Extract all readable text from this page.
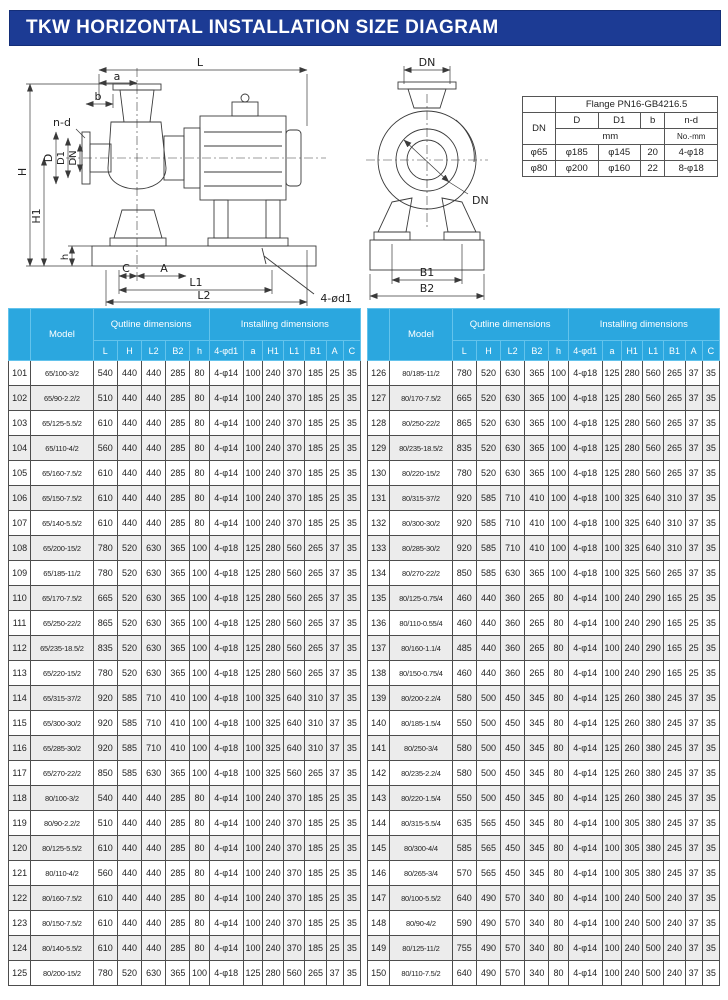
TKW HORIZONTAL INSTALLATION SIZE DIAGRAM
L
a
b
n-d
H
D D1 DN
H1
h
C	A
L1
L2	4-ød1
DN
DN
B1
B2
	Flange PN16-GB4216.5			
DN	D	D1	b	n-d
	mm			No.-mm
φ65	φ185	φ145	20	4-φ18
φ80	φ200	φ160	22	8-φ18
	Model	Qutline dimensions					Installing dimensions						
		L	H	L2	B2	h	4-φd1	a	H1	L1	B1	A	C
101	65/100-3/2	540	440	440	285	80	4-φ14	100	240	370	185	25	35
102	65/90-2.2/2	510	440	440	285	80	4-φ14	100	240	370	185	25	35
103	65/125-5.5/2	610	440	440	285	80	4-φ14	100	240	370	185	25	35
104	65/110-4/2	560	440	440	285	80	4-φ14	100	240	370	185	25	35
105	65/160-7.5/2	610	440	440	285	80	4-φ14	100	240	370	185	25	35
106	65/150-7.5/2	610	440	440	285	80	4-φ14	100	240	370	185	25	35
107	65/140-5.5/2	610	440	440	285	80	4-φ14	100	240	370	185	25	35
108	65/200-15/2	780	520	630	365	100	4-φ18	125	280	560	265	37	35
109	65/185-11/2	780	520	630	365	100	4-φ18	125	280	560	265	37	35
110	65/170-7.5/2	665	520	630	365	100	4-φ18	125	280	560	265	37	35
111	65/250-22/2	865	520	630	365	100	4-φ18	125	280	560	265	37	35
112	65/235-18.5/2	835	520	630	365	100	4-φ18	125	280	560	265	37	35
113	65/220-15/2	780	520	630	365	100	4-φ18	125	280	560	265	37	35
114	65/315-37/2	920	585	710	410	100	4-φ18	100	325	640	310	37	35
115	65/300-30/2	920	585	710	410	100	4-φ18	100	325	640	310	37	35
116	65/285-30/2	920	585	710	410	100	4-φ18	100	325	640	310	37	35
117	65/270-22/2	850	585	630	365	100	4-φ18	100	325	560	265	37	35
118	80/100-3/2	540	440	440	285	80	4-φ14	100	240	370	185	25	35
119	80/90-2.2/2	510	440	440	285	80	4-φ14	100	240	370	185	25	35
120	80/125-5.5/2	610	440	440	285	80	4-φ14	100	240	370	185	25	35
121	80/110-4/2	560	440	440	285	80	4-φ14	100	240	370	185	25	35
122	80/160-7.5/2	610	440	440	285	80	4-φ14	100	240	370	185	25	35
123	80/150-7.5/2	610	440	440	285	80	4-φ14	100	240	370	185	25	35
124	80/140-5.5/2	610	440	440	285	80	4-φ14	100	240	370	185	25	35
125	80/200-15/2	780	520	630	365	100	4-φ18	125	280	560	265	37	35
	Model	Qutline dimensions					Installing dimensions						
		L	H	L2	B2	h	4-φd1	a	H1	L1	B1	A	C
126	80/185-11/2	780	520	630	365	100	4-φ18	125	280	560	265	37	35
127	80/170-7.5/2	665	520	630	365	100	4-φ18	125	280	560	265	37	35
128	80/250-22/2	865	520	630	365	100	4-φ18	125	280	560	265	37	35
129	80/235-18.5/2	835	520	630	365	100	4-φ18	125	280	560	265	37	35
130	80/220-15/2	780	520	630	365	100	4-φ18	125	280	560	265	37	35
131	80/315-37/2	920	585	710	410	100	4-φ18	100	325	640	310	37	35
132	80/300-30/2	920	585	710	410	100	4-φ18	100	325	640	310	37	35
133	80/285-30/2	920	585	710	410	100	4-φ18	100	325	640	310	37	35
134	80/270-22/2	850	585	630	365	100	4-φ18	100	325	560	265	37	35
135	80/125-0.75/4	460	440	360	265	80	4-φ14	100	240	290	165	25	35
136	80/110-0.55/4	460	440	360	265	80	4-φ14	100	240	290	165	25	35
137	80/160-1.1/4	485	440	360	265	80	4-φ14	100	240	290	165	25	35
138	80/150-0.75/4	460	440	360	265	80	4-φ14	100	240	290	165	25	35
139	80/200-2.2/4	580	500	450	345	80	4-φ14	125	260	380	245	37	35
140	80/185-1.5/4	550	500	450	345	80	4-φ14	125	260	380	245	37	35
141	80/250-3/4	580	500	450	345	80	4-φ14	125	260	380	245	37	35
142	80/235-2.2/4	580	500	450	345	80	4-φ14	125	260	380	245	37	35
143	80/220-1.5/4	550	500	450	345	80	4-φ14	125	260	380	245	37	35
144	80/315-5.5/4	635	565	450	345	80	4-φ14	100	305	380	245	37	35
145	80/300-4/4	585	565	450	345	80	4-φ14	100	305	380	245	37	35
146	80/265-3/4	570	565	450	345	80	4-φ14	100	305	380	245	37	35
147	80/100-5.5/2	640	490	570	340	80	4-φ14	100	240	500	240	37	35
148	80/90-4/2	590	490	570	340	80	4-φ14	100	240	500	240	37	35
149	80/125-11/2	755	490	570	340	80	4-φ14	100	240	500	240	37	35
150	80/110-7.5/2	640	490	570	340	80	4-φ14	100	240	500	240	37	35
